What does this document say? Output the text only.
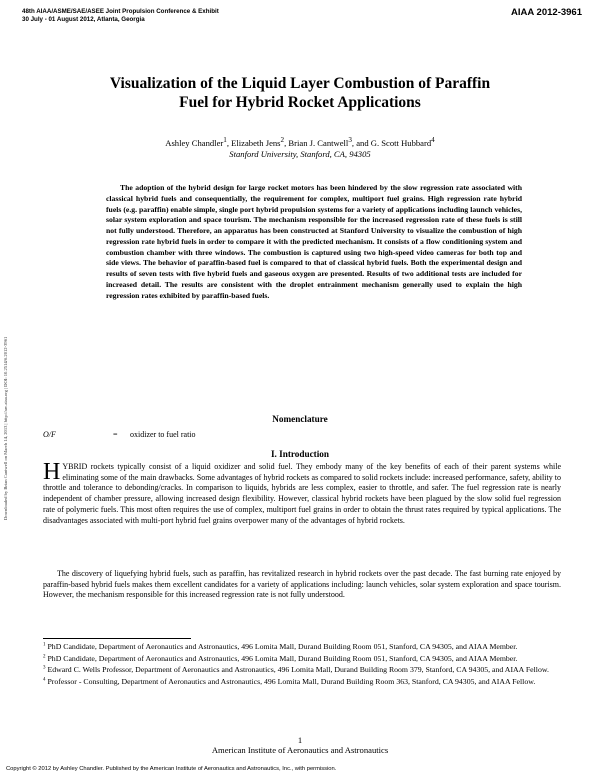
48th AIAA/ASME/SAE/ASEE Joint Propulsion Conference & Exhibit
30 July - 01 August 2012, Atlanta, Georgia
AIAA 2012-3961
Visualization of the Liquid Layer Combustion of Paraffin
Fuel for Hybrid Rocket Applications
Ashley Chandler$^1$, Elizabeth Jens$^2$, Brian J. Cantwell$^3$, and G. Scott Hubbard$^4$
Stanford University, Stanford, CA, 94305

The adoption of the hybrid design for large rocket motors has been hindered by the slow regression rate associated with classical hybrid fuels and consequentially, the requirement for complex, multiport fuel grains. High regression rate hybrid fuels (e.g. paraffin) enable simple, single port hybrid propulsion systems for a variety of applications including launch vehicles, solar system exploration and space tourism. The mechanism responsible for the increased regression rate of these fuels is still not fully understood. Therefore, an apparatus has been constructed at Stanford University to visualize the combustion of high regression rate hybrid fuels in order to compare it with the predicted mechanism. It consists of a flow conditioning system and combustion chamber with three windows. The combustion is captured using two high-speed video cameras for both top and side views. The behavior of paraffin-based fuel is compared to that of classical hybrid fuels. Both the experimental design and results of seven tests with five hybrid fuels and gaseous oxygen are presented. Results of two additional tests are included for increased detail. The results are consistent with the droplet entrainment mechanism generally used to explain the high regression rates exhibited by paraffin-based fuels.

Downloaded by Brian Cantwell on March 14, 2013 | http://arc.aiaa.org | DOI: 10.2514/6.2012-3961	Nomenclature
O/F	= oxidizer to fuel ratio
I. Introduction

HYBRID rockets typically consist of a liquid oxidizer and solid fuel. They embody many of the key benefits of each of their parent systems while eliminating some of the main drawbacks. Some advantages of hybrid rockets as compared to solid rockets include: increased performance, safety, ability to throttle and tolerance to debonding/cracks. In comparison to liquids, hybrids are less complex, easier to throttle, and safer. The fuel regression rate is nearly independent of chamber pressure, allowing increased design flexibility. However, classical hybrid rockets have been plagued by the slow solid fuel regression rate of polymeric fuels. This most often requires the use of complex, multiport fuel grains in order to obtain the thrust rates required by typical applications. The disadvantages associated with multi-port hybrid fuel grains overpower many of the advantages of hybrid rockets.

The discovery of liquefying hybrid fuels, such as paraffin, has revitalized research in hybrid rockets over the past decade. The fast burning rate enjoyed by paraffin-based hybrid fuels makes them excellent candidates for a variety of applications including: launch vehicles, solar system exploration and space tourism. However, the mechanism responsible for this increased regression rate is not fully understood.

$^1$ PhD Candidate, Department of Aeronautics and Astronautics, 496 Lomita Mall, Durand Building Room 051, Stanford, CA 94305, and AIAA Member.

$^2$ PhD Candidate, Department of Aeronautics and Astronautics, 496 Lomita Mall, Durand Building Room 051, Stanford, CA 94305, and AIAA Member.

$^3$ Edward C. Wells Professor, Department of Aeronautics and Astronautics, 496 Lomita Mall, Durand Building Room 379, Stanford, CA 94305, and AIAA Fellow.

$^4$ Professor - Consulting, Department of Aeronautics and Astronautics, 496 Lomita Mall, Durand Building Room 363, Stanford, CA 94305, and AIAA Fellow.

1
American Institute of Aeronautics and Astronautics
Copyright © 2012 by Ashley Chandler. Published by the American Institute of Aeronautics and Astronautics, Inc., with permission.
